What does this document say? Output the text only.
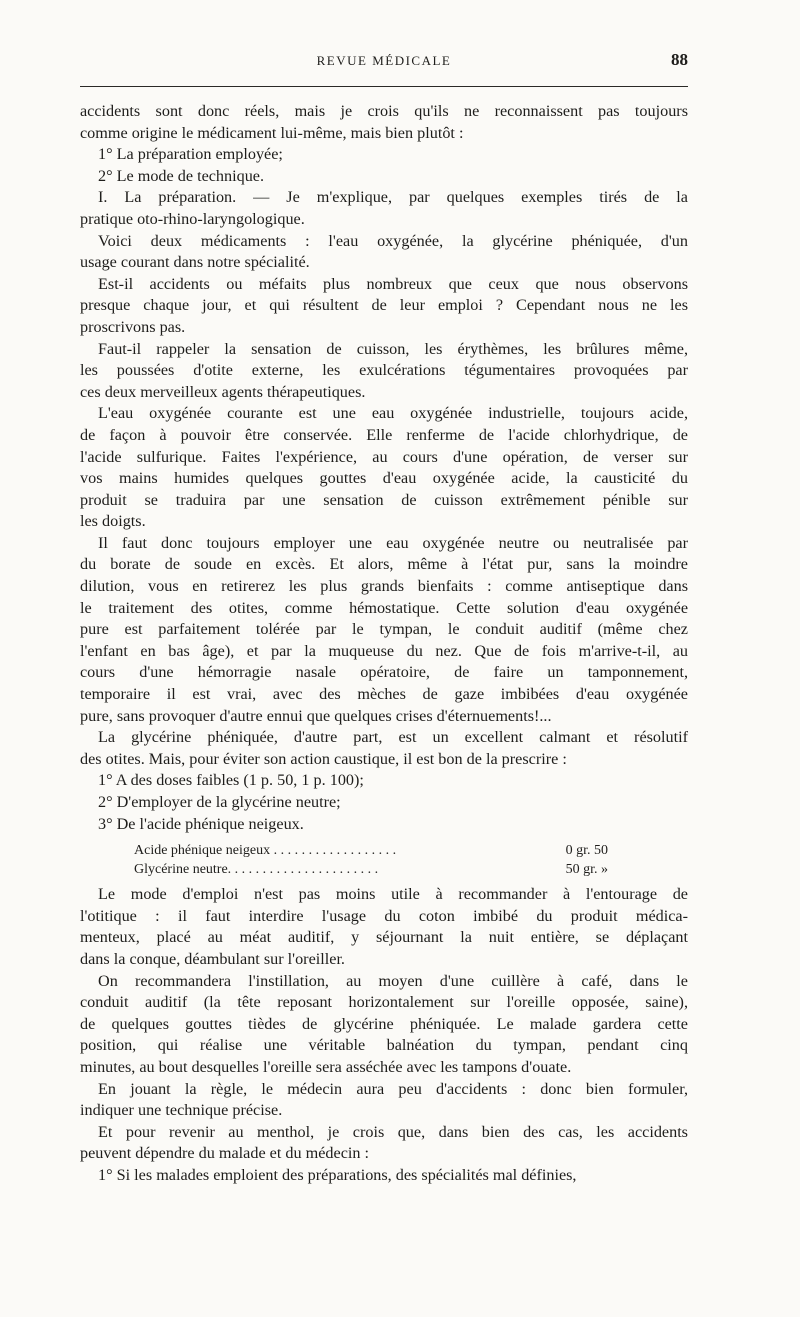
REVUE MÉDICALE	88
accidents sont donc réels, mais je crois qu'ils ne reconnaissent pas toujours
comme origine le médicament lui-même, mais bien plutôt :
1° La préparation employée;
2° Le mode de technique.
I. La préparation. — Je m'explique, par quelques exemples tirés de la
pratique oto-rhino-laryngologique.
Voici deux médicaments : l'eau oxygénée, la glycérine phéniquée, d'un
usage courant dans notre spécialité.
Est-il accidents ou méfaits plus nombreux que ceux que nous observons
presque chaque jour, et qui résultent de leur emploi ? Cependant nous ne les
proscrivons pas.
Faut-il rappeler la sensation de cuisson, les érythèmes, les brûlures même,
les poussées d'otite externe, les exulcérations tégumentaires provoquées par
ces deux merveilleux agents thérapeutiques.
L'eau oxygénée courante est une eau oxygénée industrielle, toujours acide,
de façon à pouvoir être conservée. Elle renferme de l'acide chlorhydrique, de
l'acide sulfurique. Faites l'expérience, au cours d'une opération, de verser sur
vos mains humides quelques gouttes d'eau oxygénée acide, la causticité du
produit se traduira par une sensation de cuisson extrêmement pénible sur
les doigts.
Il faut donc toujours employer une eau oxygénée neutre ou neutralisée par
du borate de soude en excès. Et alors, même à l'état pur, sans la moindre
dilution, vous en retirerez les plus grands bienfaits : comme antiseptique dans
le traitement des otites, comme hémostatique. Cette solution d'eau oxygénée
pure est parfaitement tolérée par le tympan, le conduit auditif (même chez
l'enfant en bas âge), et par la muqueuse du nez. Que de fois m'arrive-t-il, au
cours d'une hémorragie nasale opératoire, de faire un tamponnement,
temporaire il est vrai, avec des mèches de gaze imbibées d'eau oxygénée
pure, sans provoquer d'autre ennui que quelques crises d'éternuements!...
La glycérine phéniquée, d'autre part, est un excellent calmant et résolutif
des otites. Mais, pour éviter son action caustique, il est bon de la prescrire :
1° A des doses faibles (1 p. 50, 1 p. 100);
2° D'employer de la glycérine neutre;
3° De l'acide phénique neigeux.
Acide phénique neigeux . . . . . . . . . . . . . . . . . .	0 gr. 50
Glycérine neutre. . . . . . . . . . . . . . . . . . . . . .	50 gr. »
Le mode d'emploi n'est pas moins utile à recommander à l'entourage de
l'otitique : il faut interdire l'usage du coton imbibé du produit médica-
menteux, placé au méat auditif, y séjournant la nuit entière, se déplaçant
dans la conque, déambulant sur l'oreiller.
On recommandera l'instillation, au moyen d'une cuillère à café, dans le
conduit auditif (la tête reposant horizontalement sur l'oreille opposée, saine),
de quelques gouttes tièdes de glycérine phéniquée. Le malade gardera cette
position, qui réalise une véritable balnéation du tympan, pendant cinq
minutes, au bout desquelles l'oreille sera asséchée avec les tampons d'ouate.
En jouant la règle, le médecin aura peu d'accidents : donc bien formuler,
indiquer une technique précise.
Et pour revenir au menthol, je crois que, dans bien des cas, les accidents
peuvent dépendre du malade et du médecin :
1° Si les malades emploient des préparations, des spécialités mal définies,
